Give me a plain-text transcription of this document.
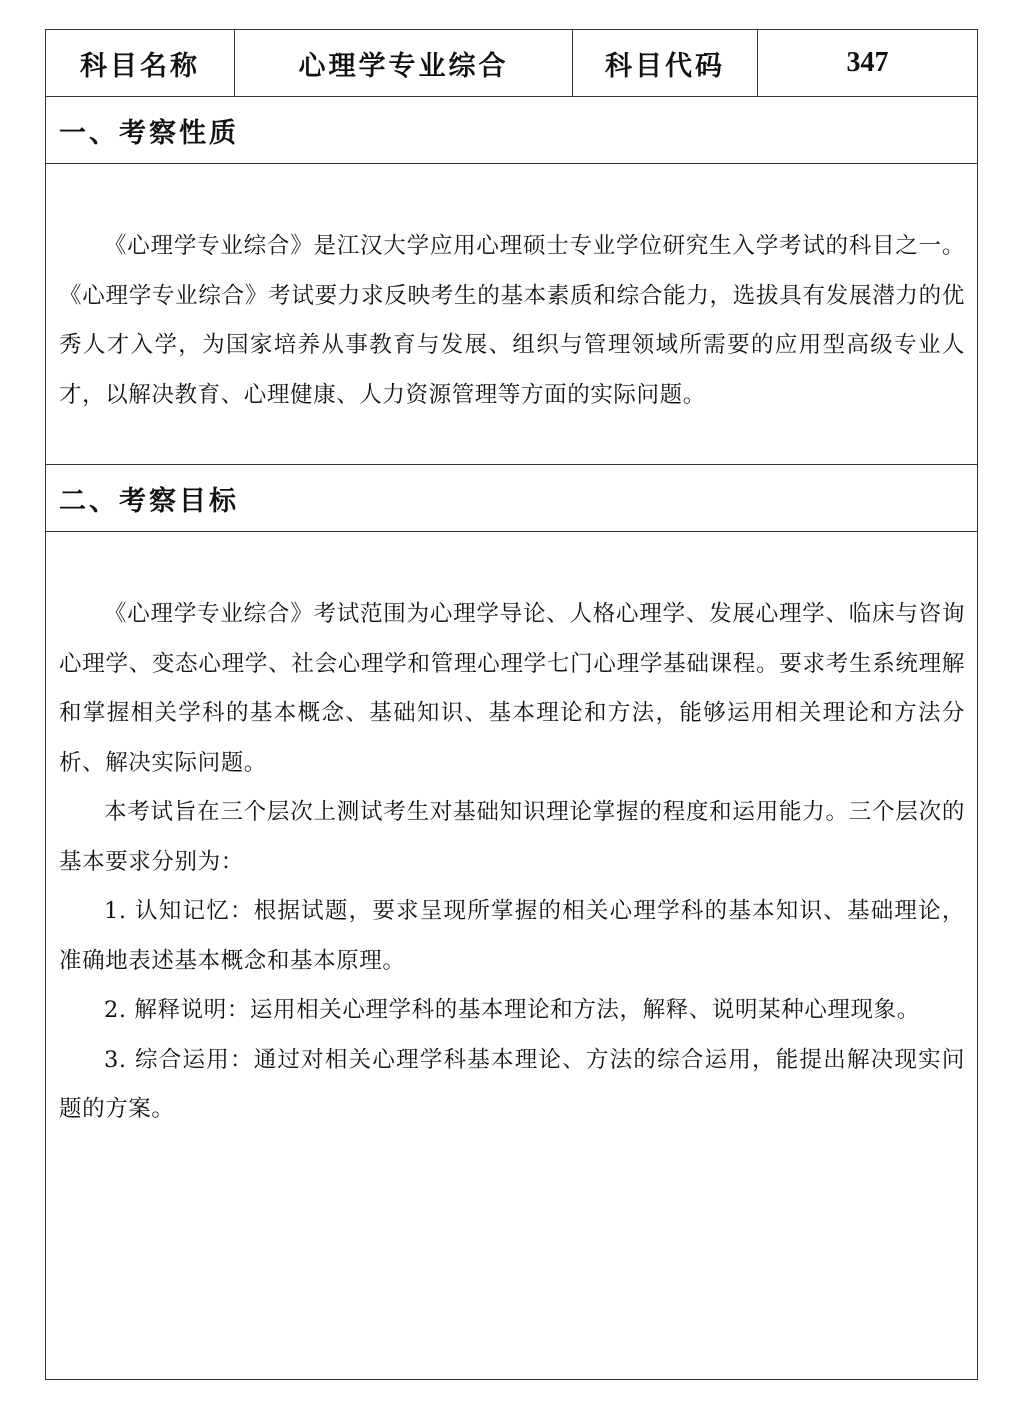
科目名称	心理学专业综合	科目代码	347
一、考察性质

《心理学专业综合》是江汉大学应用心理硕士专业学位研究生入学考试的科目之一。《心理学专业综合》考试要力求反映考生的基本素质和综合能力，选拔具有发展潜力的优秀人才入学，为国家培养从事教育与发展、组织与管理领域所需要的应用型高级专业人才，以解决教育、心理健康、人力资源管理等方面的实际问题。

二、考察目标

《心理学专业综合》考试范围为心理学导论、人格心理学、发展心理学、临床与咨询心理学、变态心理学、社会心理学和管理心理学七门心理学基础课程。要求考生系统理解和掌握相关学科的基本概念、基础知识、基本理论和方法，能够运用相关理论和方法分析、解决实际问题。

本考试旨在三个层次上测试考生对基础知识理论掌握的程度和运用能力。三个层次的基本要求分别为：

1. 认知记忆：根据试题，要求呈现所掌握的相关心理学科的基本知识、基础理论，准确地表述基本概念和基本原理。

2. 解释说明：运用相关心理学科的基本理论和方法，解释、说明某种心理现象。

3. 综合运用：通过对相关心理学科基本理论、方法的综合运用，能提出解决现实问题的方案。
